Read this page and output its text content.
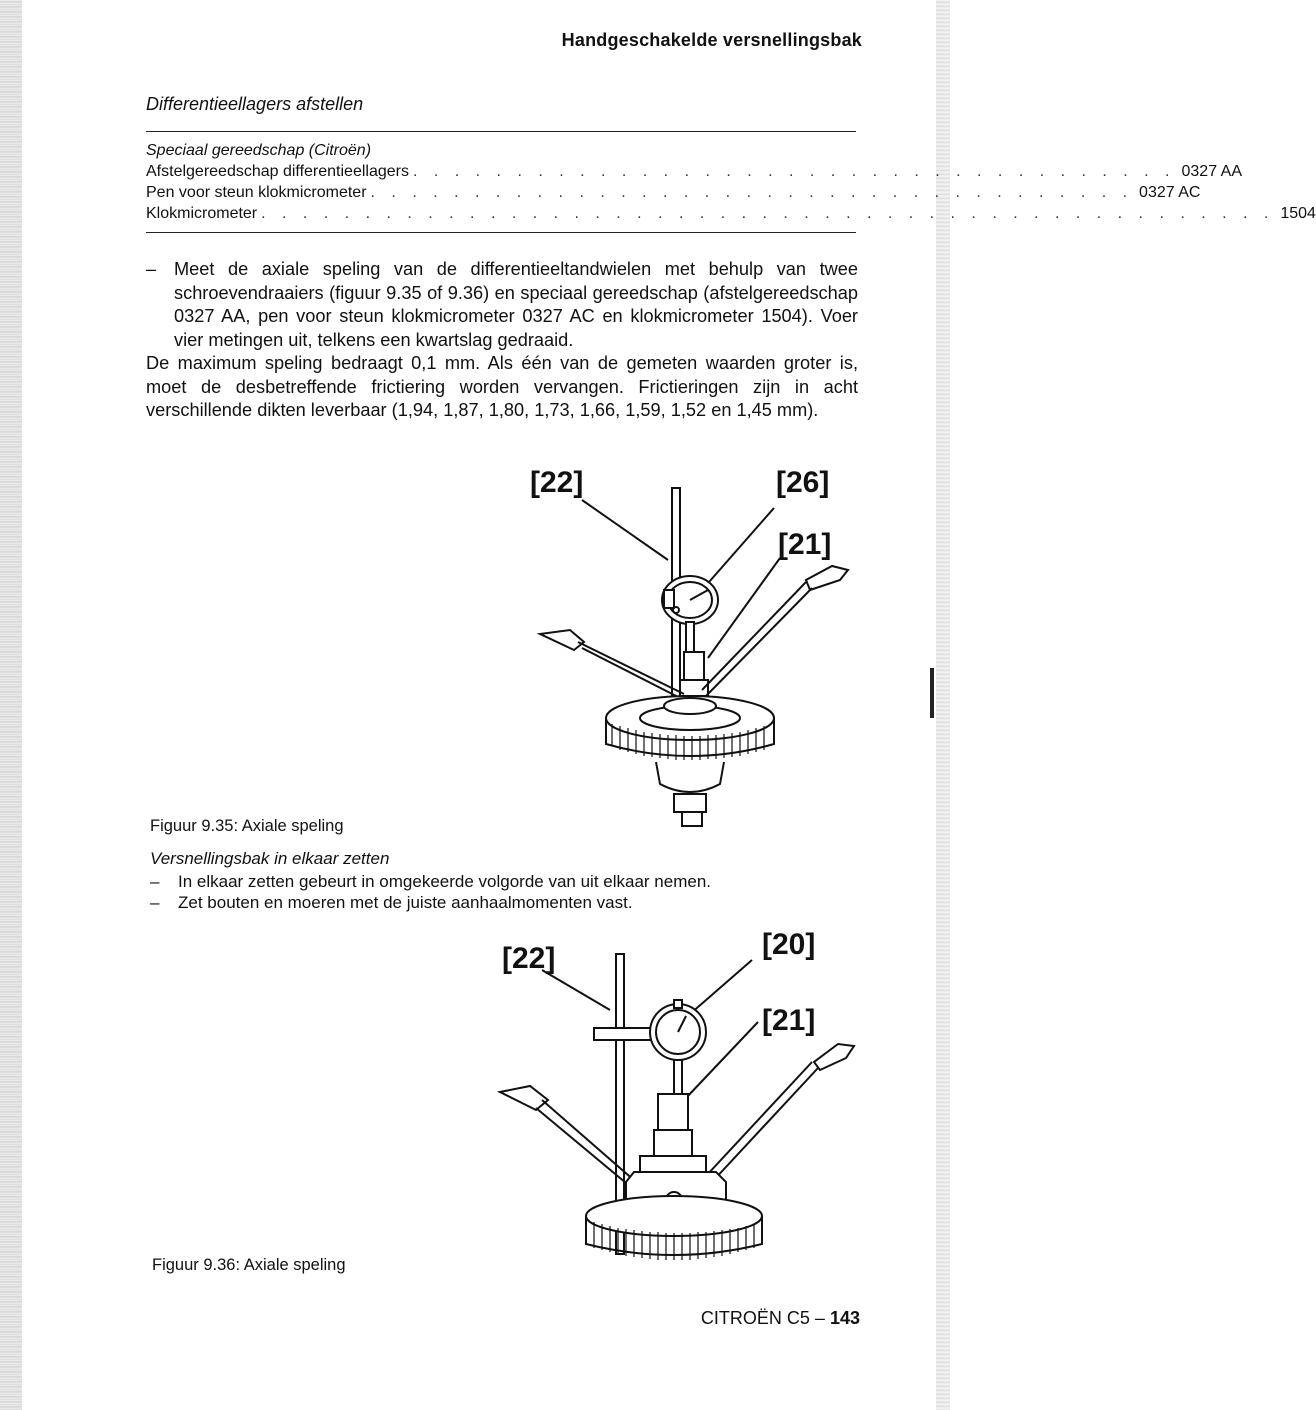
Handgeschakelde versnellingsbak
Differentieellagers afstellen
Speciaal gereedschap (Citroën)
Afstelgereedschap differentieellagers . . . . . . . . . . . . . . . . . . . . . . . . . . . . . . . . . . . . . 0327 AA
Pen voor steun klokmicrometer . . . . . . . . . . . . . . . . . . . . . . . . . . . . . . . . . . . . . 0327 AC
Klokmicrometer . . . . . . . . . . . . . . . . . . . . . . . . . . . . . . . . . . . . . . . . . . . . . . . . . 1504
– Meet de axiale speling van de differentieeltandwielen met behulp van twee schroevendraaiers (figuur 9.35 of 9.36) en speciaal gereedschap (afstelgereedschap 0327 AA, pen voor steun klokmicrometer 0327 AC en klokmicrometer 1504). Voer vier metingen uit, telkens een kwartslag gedraaid.
De maximum speling bedraagt 0,1 mm. Als één van de gemeten waarden groter is, moet de desbetreffende frictiering worden vervangen. Frictieringen zijn in acht verschillende dikten leverbaar (1,94, 1,87, 1,80, 1,73, 1,66, 1,59, 1,52 en 1,45 mm).
[22]	[26]
[21]
Figuur 9.35: Axiale speling
Versnellingsbak in elkaar zetten
–	In elkaar zetten gebeurt in omgekeerde volgorde van uit elkaar nemen.
–	Zet bouten en moeren met de juiste aanhaalmomenten vast.
[22]	[20]
[21]
Figuur 9.36: Axiale speling
CITROËN C5 – 143
